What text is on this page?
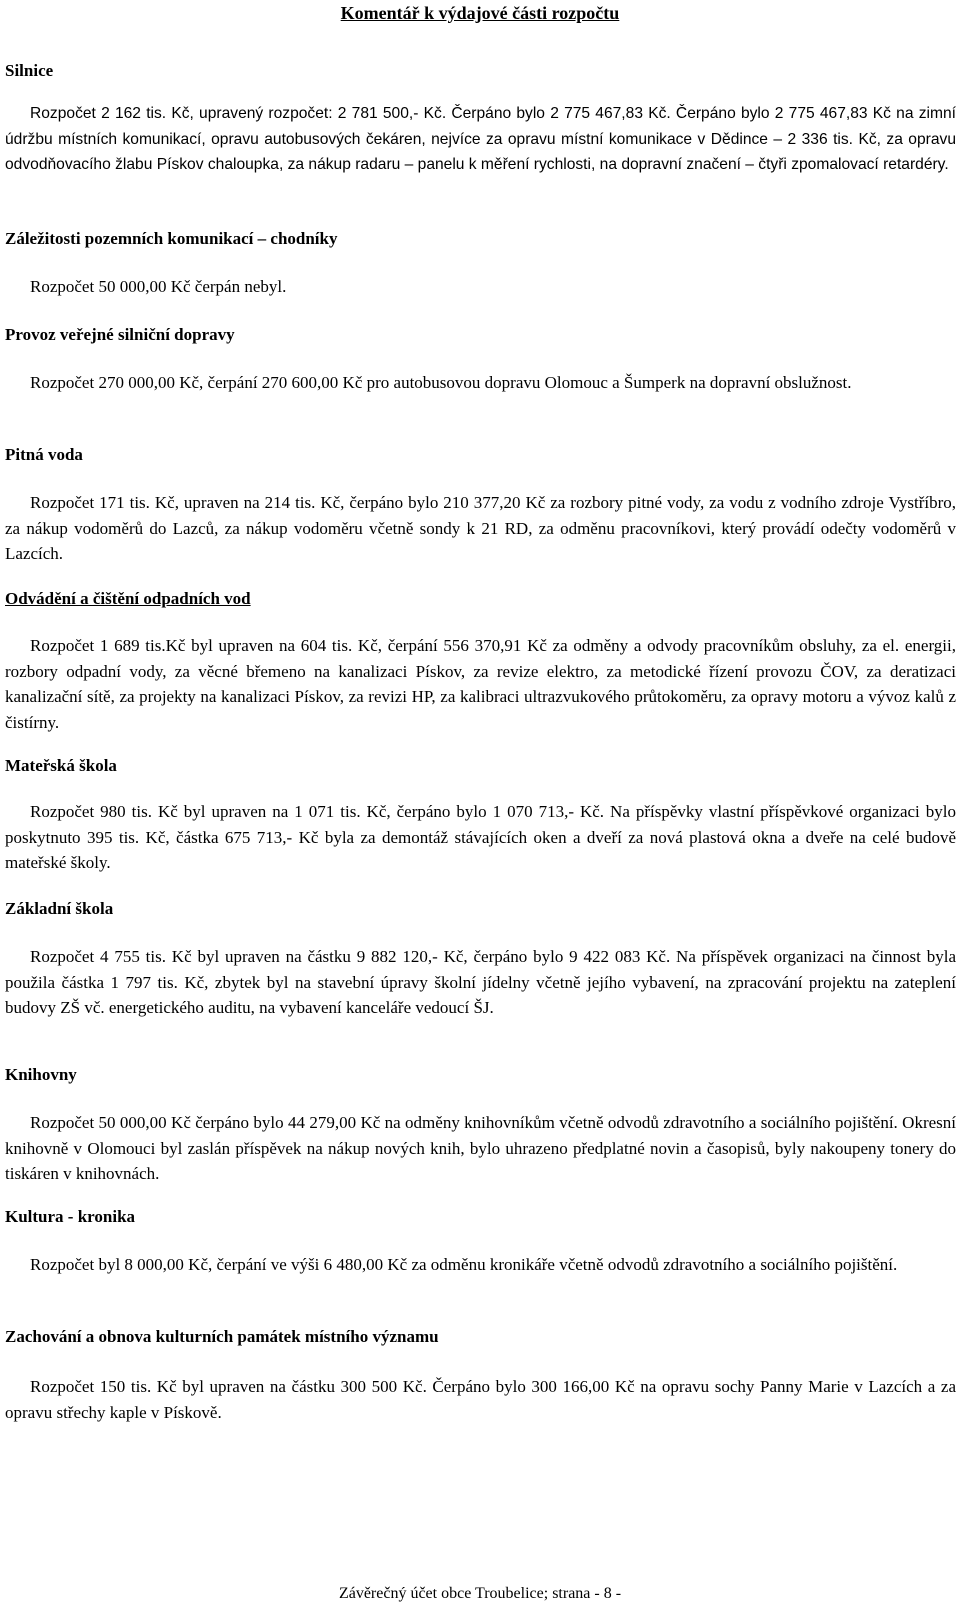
Komentář k výdajové části rozpočtu
Silnice

Rozpočet 2 162 tis. Kč, upravený rozpočet: 2 781 500,- Kč. Čerpáno bylo 2 775 467,83 Kč. Čerpáno bylo 2 775 467,83 Kč na zimní údržbu místních komunikací, opravu autobusových čekáren, nejvíce za opravu místní komunikace v Dědince – 2 336 tis. Kč, za opravu odvodňovacího žlabu Pískov chaloupka, za nákup radaru – panelu k měření rychlosti, na dopravní značení – čtyři zpomalovací retardéry.

Záležitosti pozemních komunikací – chodníky

Rozpočet 50 000,00 Kč čerpán nebyl.

Provoz veřejné silniční dopravy

Rozpočet 270 000,00 Kč, čerpání 270 600,00 Kč pro autobusovou dopravu Olomouc a Šumperk na dopravní obslužnost.

Pitná voda

Rozpočet 171 tis. Kč, upraven na 214 tis. Kč, čerpáno bylo 210 377,20 Kč za rozbory pitné vody, za vodu z vodního zdroje Vystříbro, za nákup vodoměrů do Lazců, za nákup vodoměru včetně sondy k 21 RD, za odměnu pracovníkovi, který provádí odečty vodoměrů v Lazcích.

Odvádění a čištění odpadních vod

Rozpočet 1 689 tis.Kč byl upraven na 604 tis. Kč, čerpání 556 370,91 Kč za odměny a odvody pracovníkům obsluhy, za el. energii, rozbory odpadní vody, za věcné břemeno na kanalizaci Pískov, za revize elektro, za metodické řízení provozu ČOV, za deratizaci kanalizační sítě, za projekty na kanalizaci Pískov, za revizi HP, za kalibraci ultrazvukového průtokoměru, za opravy motoru a vývoz kalů z čistírny.

Mateřská škola

Rozpočet 980 tis. Kč byl upraven na 1 071 tis. Kč, čerpáno bylo 1 070 713,- Kč. Na příspěvky vlastní příspěvkové organizaci bylo poskytnuto 395 tis. Kč, částka 675 713,- Kč byla za demontáž stávajících oken a dveří za nová plastová okna a dveře na celé budově mateřské školy.

Základní škola

Rozpočet 4 755 tis. Kč byl upraven na částku 9 882 120,- Kč, čerpáno bylo 9 422 083 Kč. Na příspěvek organizaci na činnost byla použila částka 1 797 tis. Kč, zbytek byl na stavební úpravy školní jídelny včetně jejího vybavení, na zpracování projektu na zateplení budovy ZŠ vč. energetického auditu, na vybavení kanceláře vedoucí ŠJ.

Knihovny

Rozpočet 50 000,00 Kč čerpáno bylo 44 279,00 Kč na odměny knihovníkům včetně odvodů zdravotního a sociálního pojištění. Okresní knihovně v Olomouci byl zaslán příspěvek na nákup nových knih, bylo uhrazeno předplatné novin a časopisů, byly nakoupeny tonery do tiskáren v knihovnách.

Kultura - kronika

Rozpočet byl 8 000,00 Kč, čerpání ve výši 6 480,00 Kč za odměnu kronikáře včetně odvodů zdravotního a sociálního pojištění.

Zachování a obnova kulturních památek místního významu

Rozpočet 150 tis. Kč byl upraven na částku 300 500 Kč. Čerpáno bylo 300 166,00 Kč na opravu sochy Panny Marie v Lazcích a za opravu střechy kaple v Pískově.

Závěrečný účet obce Troubelice; strana - 8 -
